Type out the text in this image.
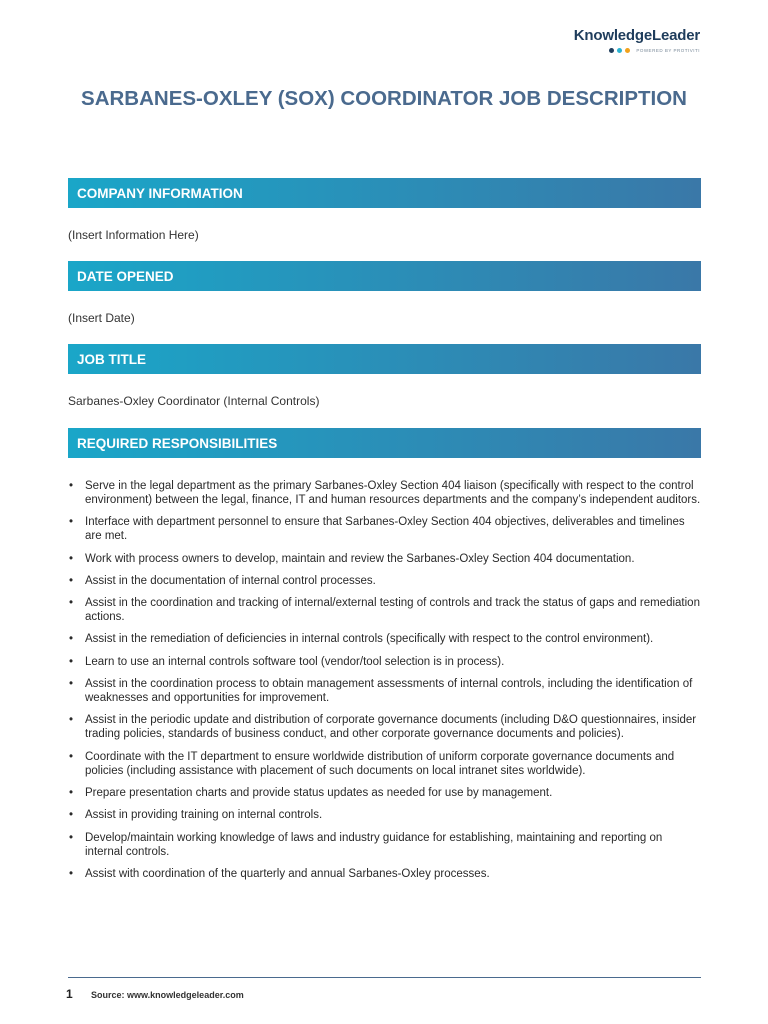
KnowledgeLeader
POWERED BY PROTIVITI
SARBANES-OXLEY (SOX) COORDINATOR JOB DESCRIPTION
COMPANY INFORMATION
(Insert Information Here)
DATE OPENED
(Insert Date)
JOB TITLE
Sarbanes-Oxley Coordinator (Internal Controls)
REQUIRED RESPONSIBILITIES
• Serve in the legal department as the primary Sarbanes-Oxley Section 404 liaison (specifically with respect to the control environment) between the legal, finance, IT and human resources departments and the company’s independent auditors.
• Interface with department personnel to ensure that Sarbanes-Oxley Section 404 objectives, deliverables and timelines are met.
• Work with process owners to develop, maintain and review the Sarbanes-Oxley Section 404 documentation.
• Assist in the documentation of internal control processes.
• Assist in the coordination and tracking of internal/external testing of controls and track the status of gaps and remediation actions.
• Assist in the remediation of deficiencies in internal controls (specifically with respect to the control environment).
• Learn to use an internal controls software tool (vendor/tool selection is in process).
• Assist in the coordination process to obtain management assessments of internal controls, including the identification of weaknesses and opportunities for improvement.
• Assist in the periodic update and distribution of corporate governance documents (including D&O questionnaires, insider trading policies, standards of business conduct, and other corporate governance documents and policies).
• Coordinate with the IT department to ensure worldwide distribution of uniform corporate governance documents and policies (including assistance with placement of such documents on local intranet sites worldwide).
• Prepare presentation charts and provide status updates as needed for use by management.
• Assist in providing training on internal controls.
• Develop/maintain working knowledge of laws and industry guidance for establishing, maintaining and reporting on internal controls.
• Assist with coordination of the quarterly and annual Sarbanes-Oxley processes.
1 Source: www.knowledgeleader.com
